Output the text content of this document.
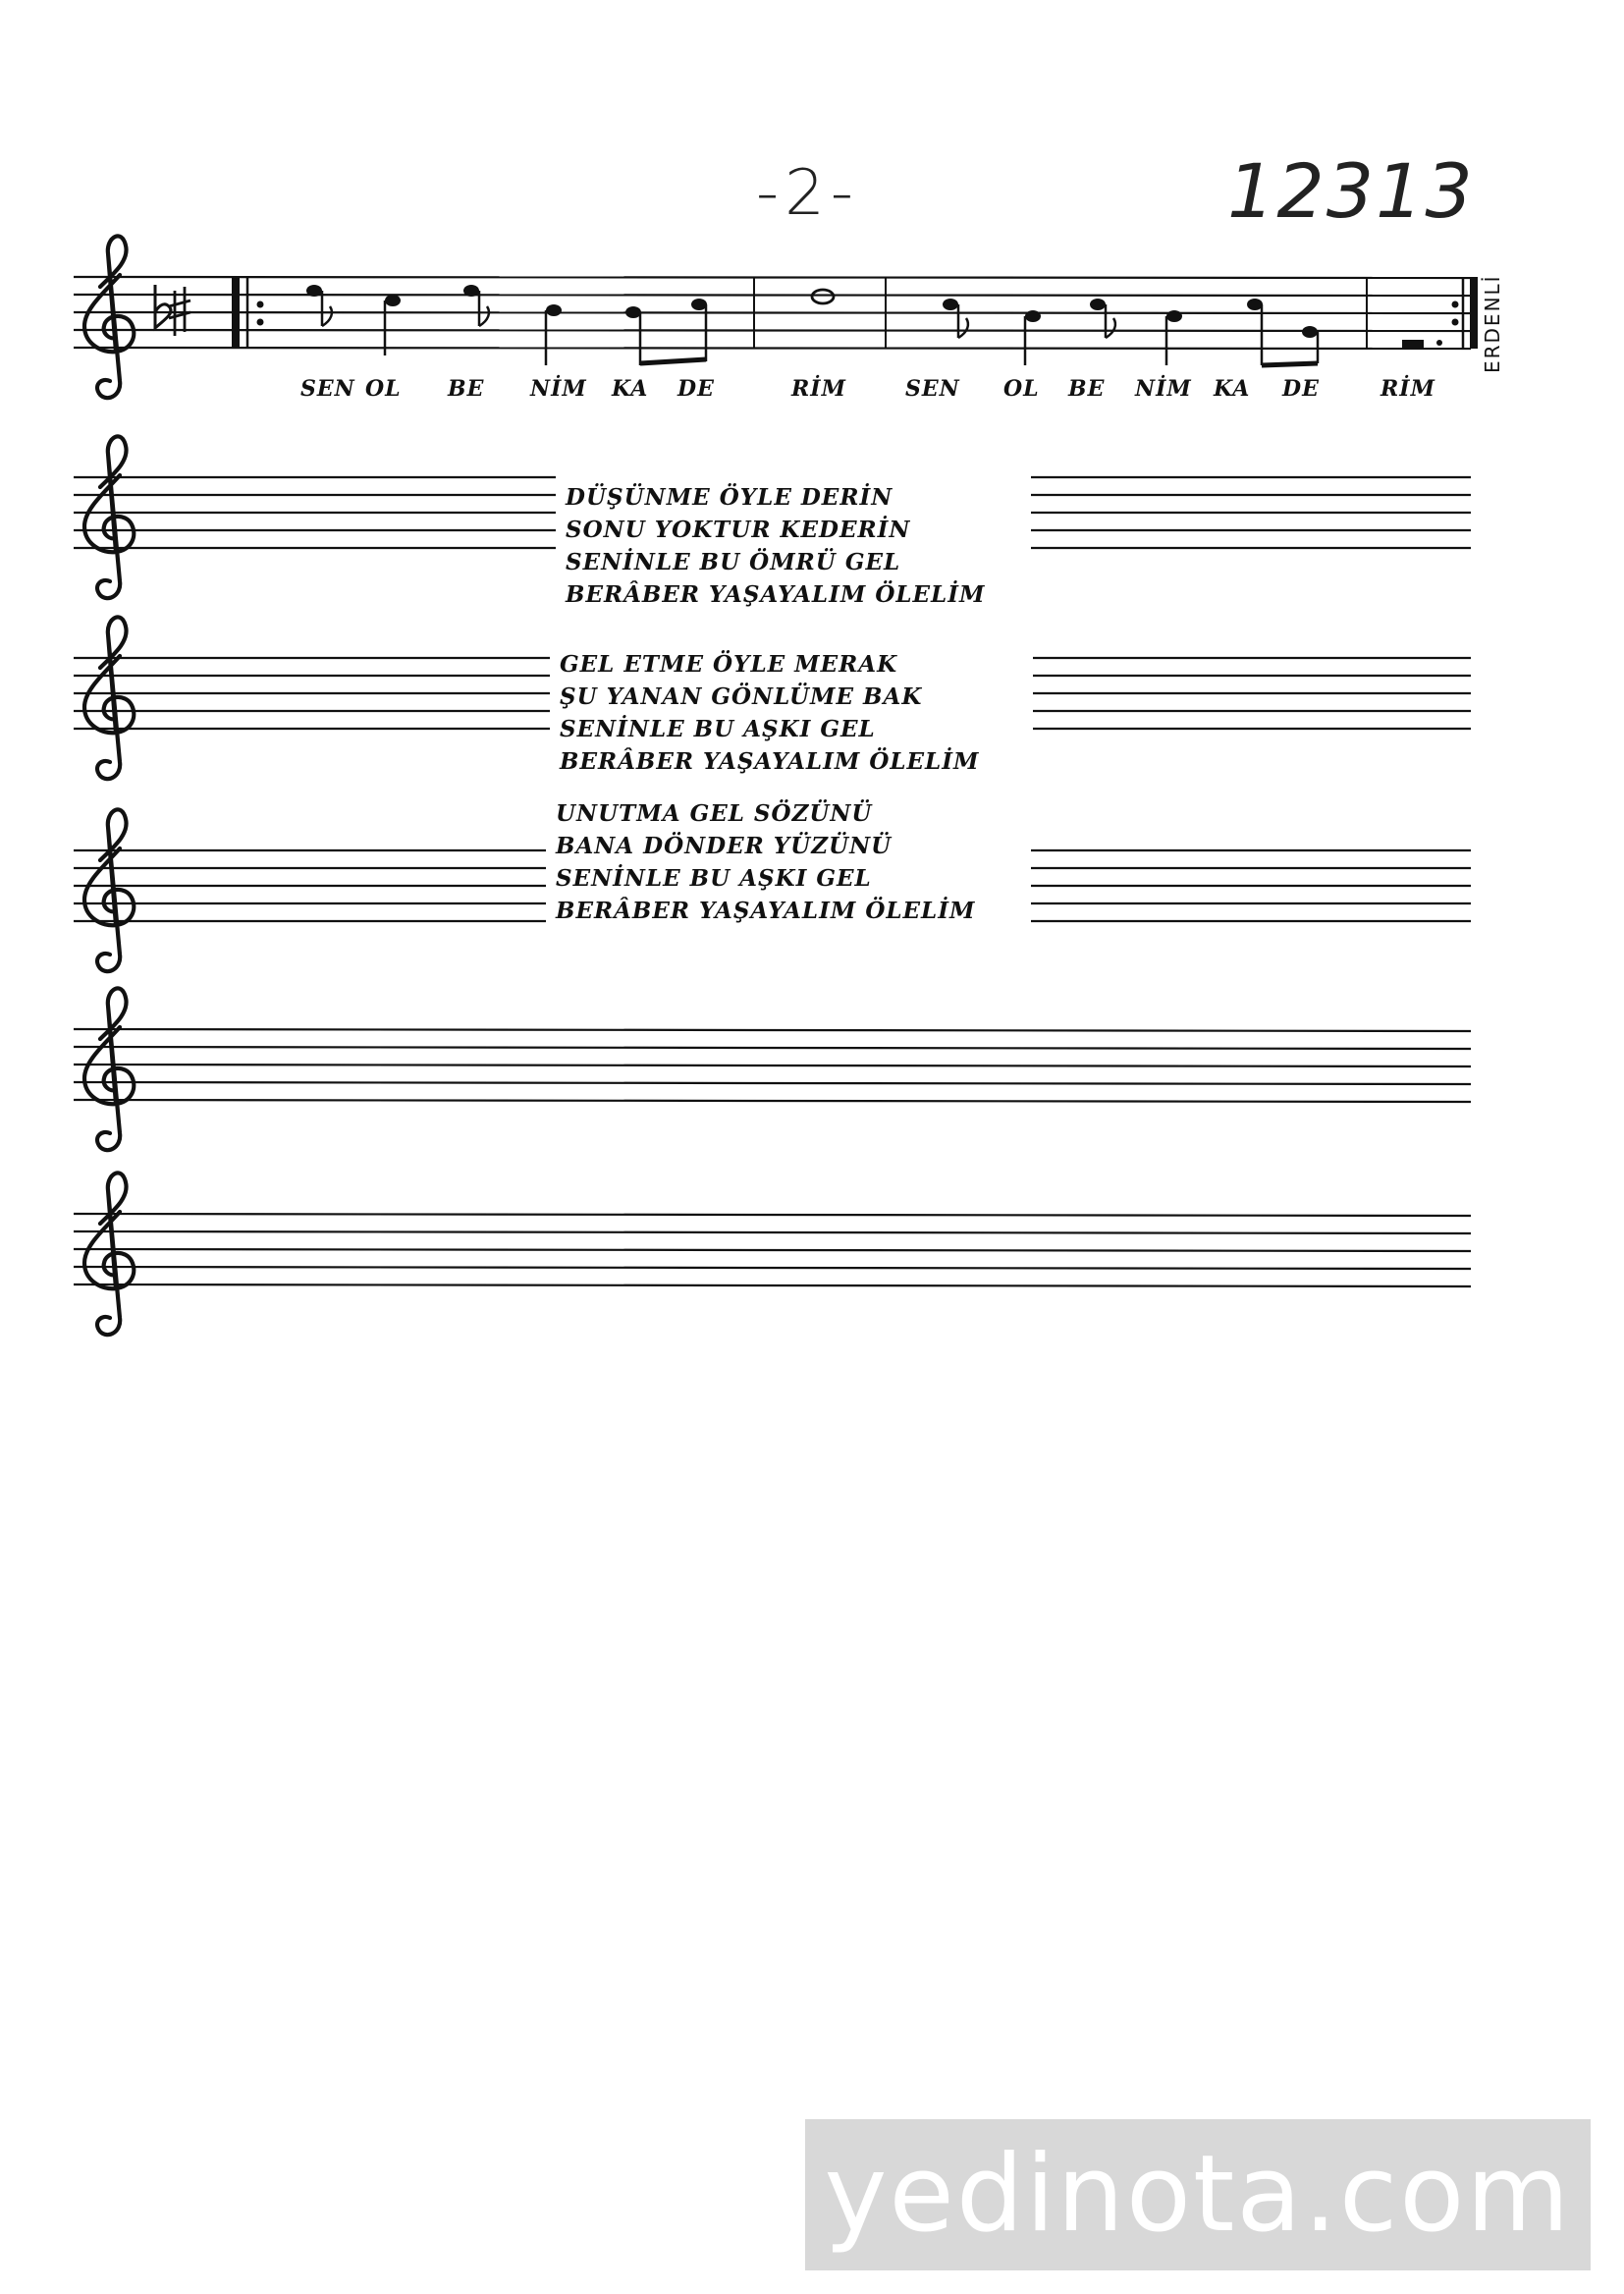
-2-	12313
SEN OL BE NİM KA DE	RİM	SEN OL BE NİM KA DE	RİM
ERDENLİ
DÜŞÜNME ÖYLE DERİN
SONU YOKTUR KEDERİN
SENİNLE BU ÖMRÜ GEL
BERÂBER YAŞAYALIM ÖLELİM
GEL ETME ÖYLE MERAK
ŞU YANAN GÖNLÜME BAK
SENİNLE BU AŞKI GEL
BERÂBER YAŞAYALIM ÖLELİM
UNUTMA GEL SÖZÜNÜ
BANA DÖNDER YÜZÜNÜ
SENİNLE BU AŞKI GEL
BERÂBER YAŞAYALIM ÖLELİM
yedinota.com
